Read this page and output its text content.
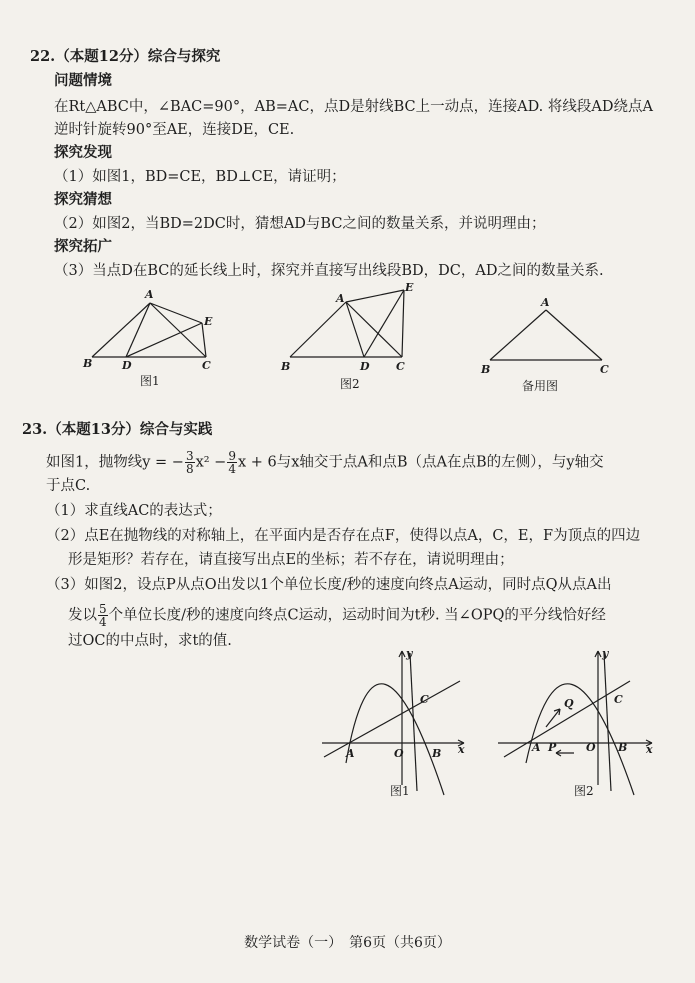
22.（本题12分）综合与探究
问题情境
在Rt△ABC中，∠BAC=90°，AB=AC，点D是射线BC上一动点，连接AD. 将线段AD绕点A
逆时针旋转90°至AE，连接DE，CE.
探究发现
（1）如图1，BD=CE，BD⊥CE，请证明；
探究猜想
（2）如图2，当BD=2DC时，猜想AD与BC之间的数量关系，并说明理由；
探究拓广
（3）当点D在BC的延长线上时，探究并直接写出线段BD，DC，AD之间的数量关系.
A
B	D	C
E
图1
A
B	D C
E
图2
A
B	C
备用图
23.（本题13分）综合与实践
如图1，抛物线y = − $\frac{3}{8} x^2 - \frac{9}{4}$ x + 6与x轴交于点A和点B（点A在点B的左侧），与y轴交
于点C.
（1）求直线AC的表达式；
（2）点E在抛物线的对称轴上，在平面内是否存在点F，使得以点A，C，E，F为顶点的四边
形是矩形？若存在，请直接写出点E的坐标；若不存在，请说明理由；
（3）如图2，设点P从点O出发以1个单位长度/秒的速度向终点A运动，同时点Q从点A出
发以 $\frac{5}{4}$ 个单位长度/秒的速度向终点C运动，运动时间为t秒. 当∠OPQ的平分线恰好经
过OC的中点时，求t的值.
y
x
A	O	B
C
图1
y
x
A P	O B
C
Q
图2
数学试卷（一）　第6页（共6页）
